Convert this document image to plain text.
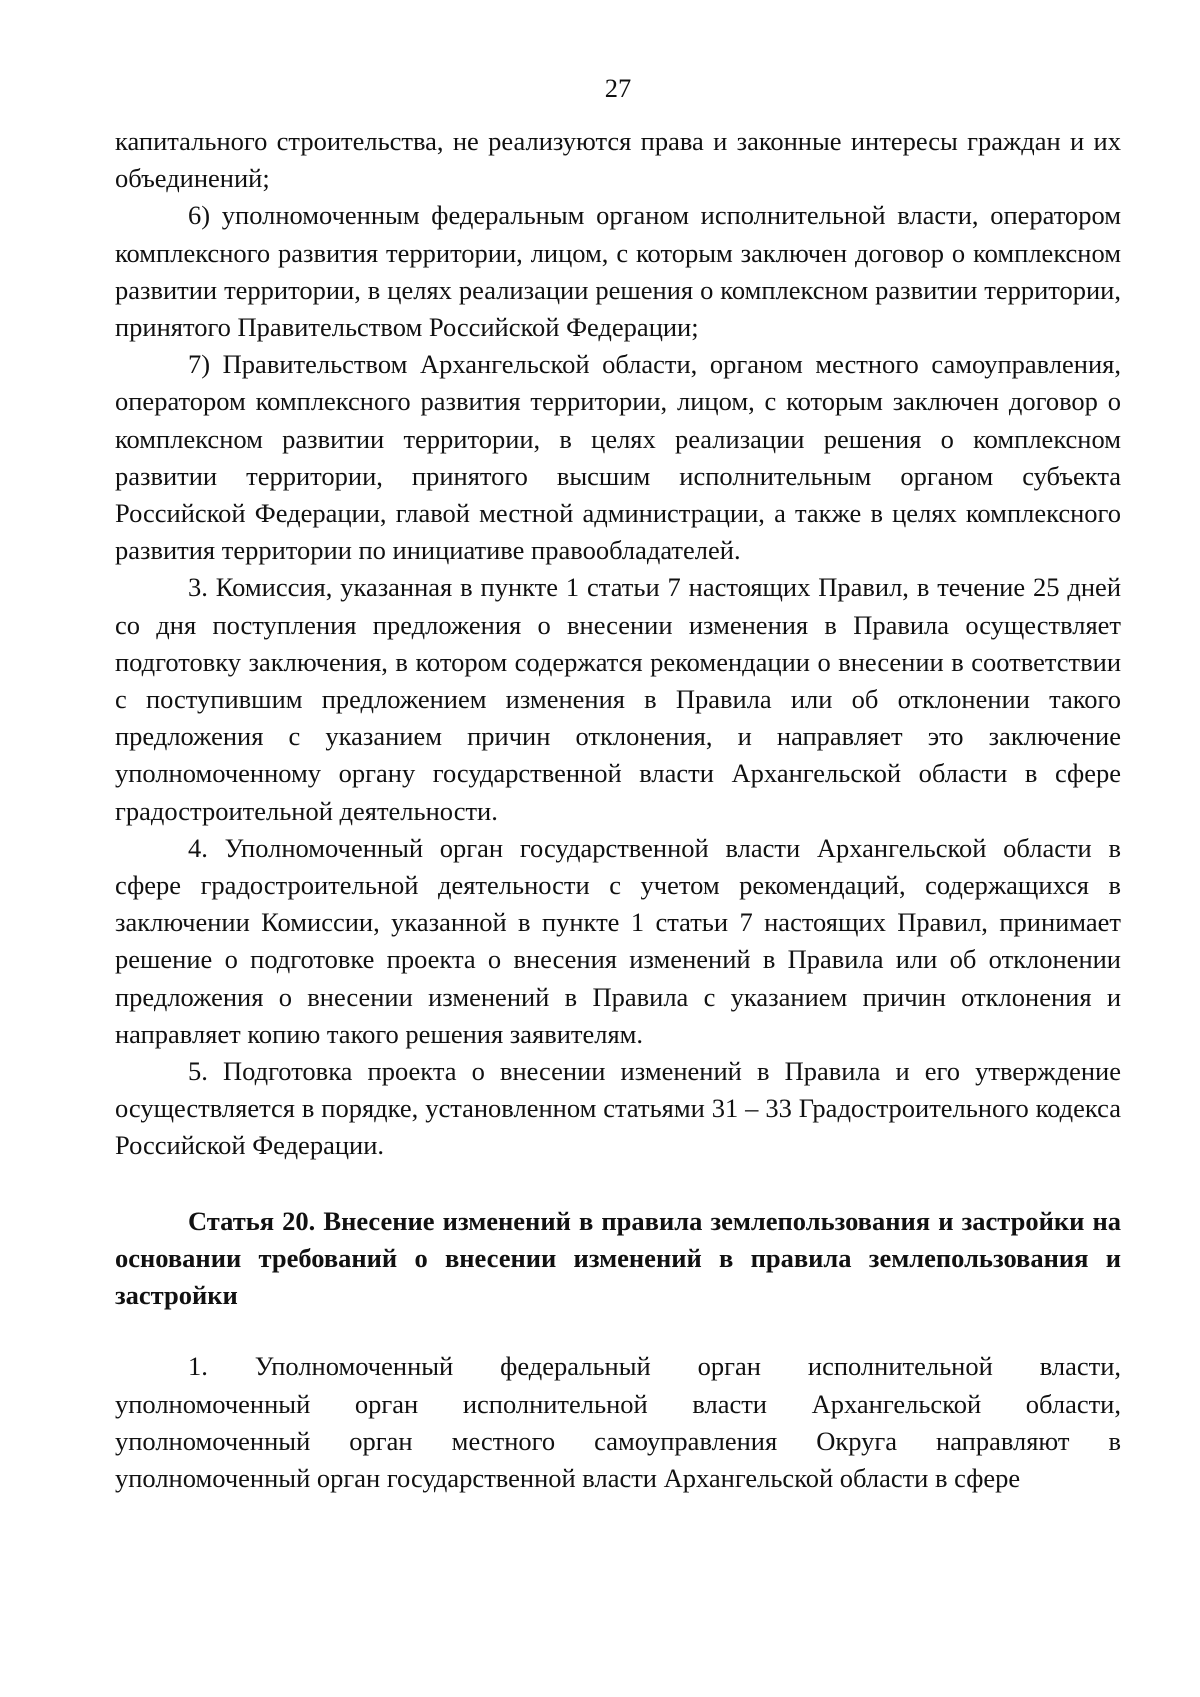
27

капитального строительства, не реализуются права и законные интересы граждан и их объединений;

6) уполномоченным федеральным органом исполнительной власти, оператором комплексного развития территории, лицом, с которым заключен договор о комплексном развитии территории, в целях реализации решения о комплексном развитии территории, принятого Правительством Российской Федерации;

7) Правительством Архангельской области, органом местного самоуправления, оператором комплексного развития территории, лицом, с которым заключен договор о комплексном развитии территории, в целях реализации решения о комплексном развитии территории, принятого высшим исполнительным органом субъекта Российской Федерации, главой местной администрации, а также в целях комплексного развития территории по инициативе правообладателей.

3. Комиссия, указанная в пункте 1 статьи 7 настоящих Правил, в течение 25 дней со дня поступления предложения о внесении изменения в Правила осуществляет подготовку заключения, в котором содержатся рекомендации о внесении в соответствии с поступившим предложением изменения в Правила или об отклонении такого предложения с указанием причин отклонения, и направляет это заключение уполномоченному органу государственной власти Архангельской области в сфере градостроительной деятельности.

4. Уполномоченный орган государственной власти Архангельской области в сфере градостроительной деятельности с учетом рекомендаций, содержащихся в заключении Комиссии, указанной в пункте 1 статьи 7 настоящих Правил, принимает решение о подготовке проекта о внесения изменений в Правила или об отклонении предложения о внесении изменений в Правила с указанием причин отклонения и направляет копию такого решения заявителям.

5. Подготовка проекта о внесении изменений в Правила и его утверждение осуществляется в порядке, установленном статьями 31 – 33 Градостроительного кодекса Российской Федерации.

Статья 20. Внесение изменений в правила землепользования и застройки на основании требований о внесении изменений в правила землепользования и застройки

1. Уполномоченный федеральный орган исполнительной власти, уполномоченный орган исполнительной власти Архангельской области, уполномоченный орган местного самоуправления Округа направляют в уполномоченный орган государственной власти Архангельской области в сфере
